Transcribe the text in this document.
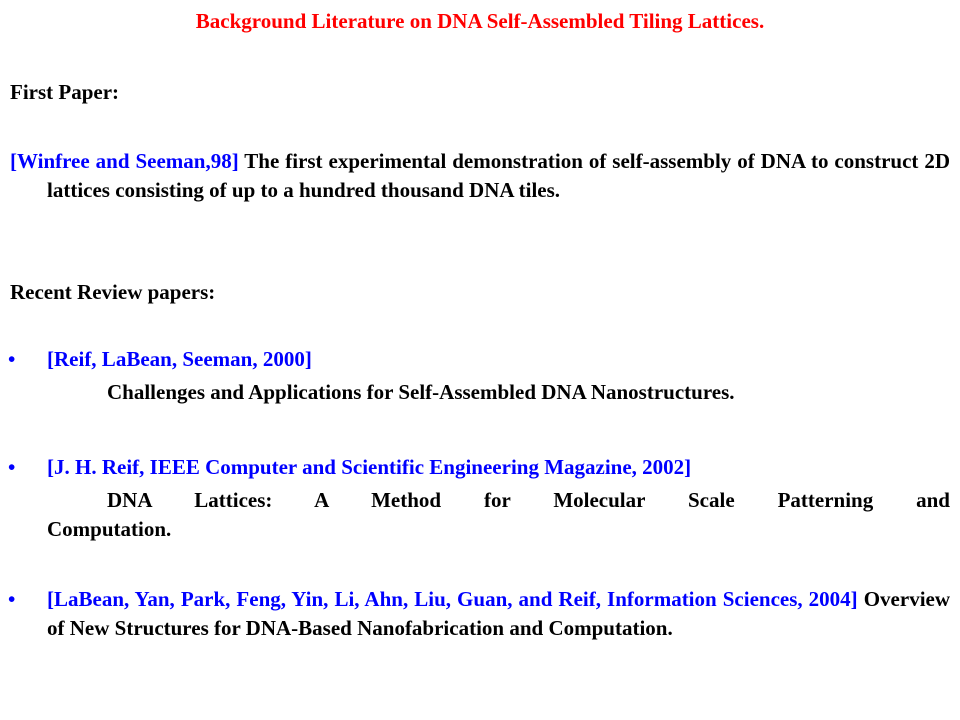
Background Literature on DNA Self-Assembled Tiling Lattices.
First Paper:
[Winfree and Seeman,98] The first experimental demonstration of self-assembly of DNA to construct 2D lattices consisting of up to a hundred thousand DNA tiles.
Recent Review papers:
• [Reif, LaBean, Seeman, 2000]
Challenges and Applications for Self-Assembled DNA Nanostructures.
• [J. H. Reif, IEEE Computer and Scientific Engineering Magazine, 2002]
DNA Lattices: A Method for Molecular Scale Patterning and Computation.
• [LaBean, Yan, Park, Feng, Yin, Li, Ahn, Liu, Guan, and Reif, Information Sciences, 2004] Overview of New Structures for DNA-Based Nanofabrication and Computation.
